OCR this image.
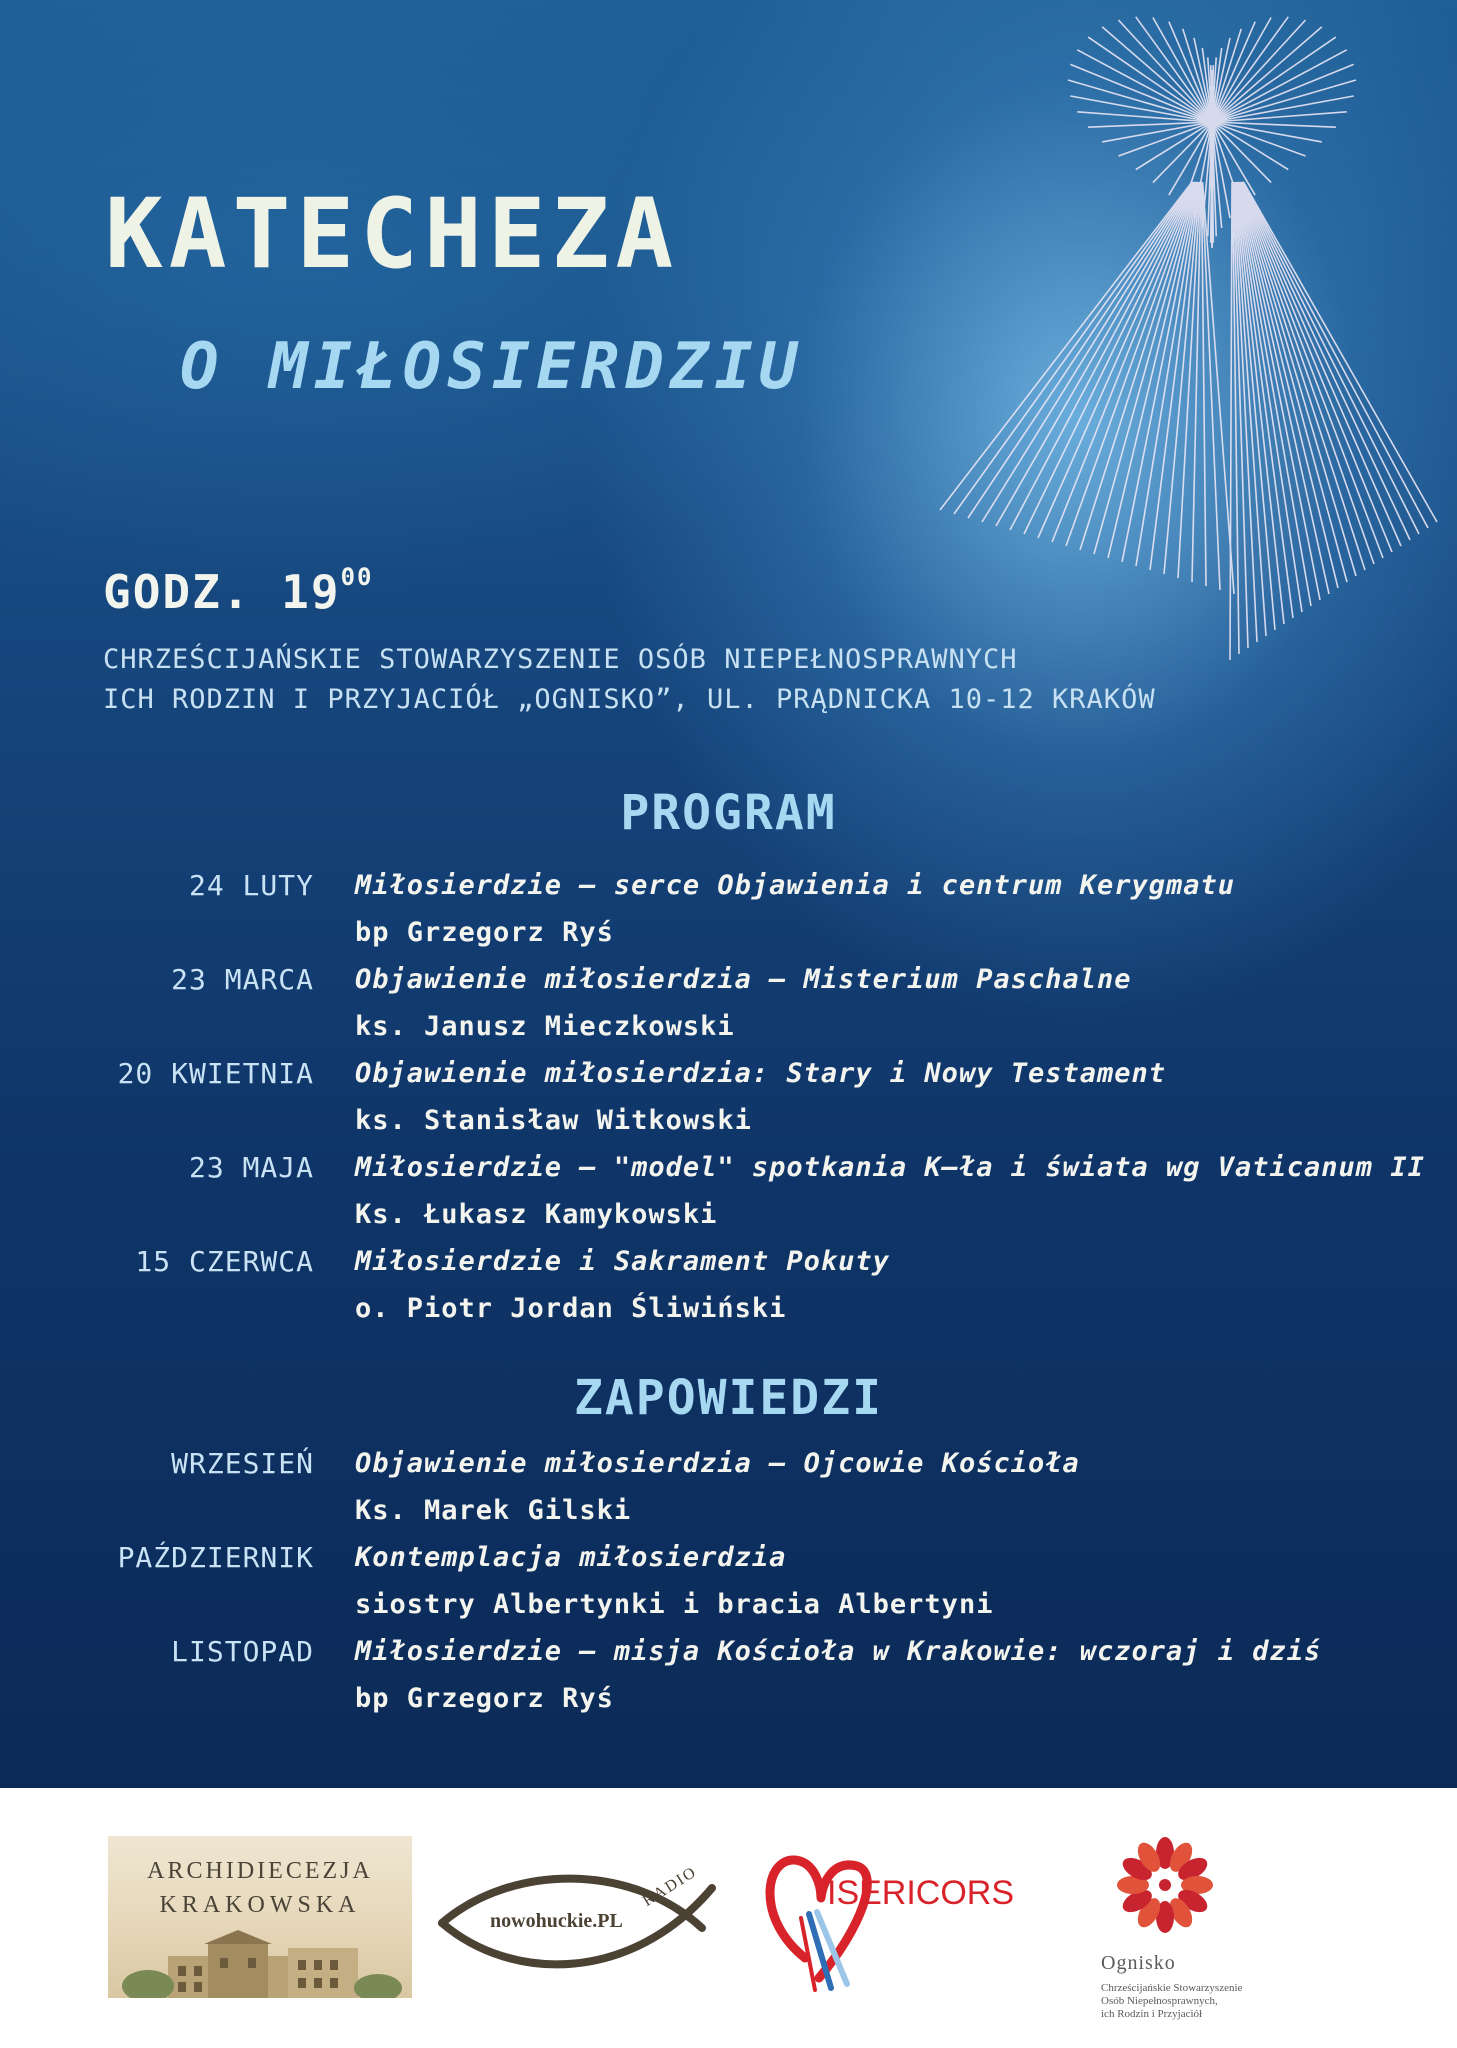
KATECHEZA
O MIŁOSIERDZIU
GODZ. $19^{00}$
CHRZEŚCIJAŃSKIE STOWARZYSZENIE OSÓB NIEPEŁNOSPRAWNYCH
ICH RODZIN I PRZYJACIÓŁ „OGNISKO”, UL. PRĄDNICKA 10-12 KRAKÓW
PROGRAM
24 LUTY Miłosierdzie – serce Objawienia i centrum Kerygmatu
bp Grzegorz Ryś
23 MARCA Objawienie miłosierdzia – Misterium Paschalne
ks. Janusz Mieczkowski
20 KWIETNIA Objawienie miłosierdzia: Stary i Nowy Testament
ks. Stanisław Witkowski
23 MAJA Miłosierdzie – "model" spotkania K–ła i świata wg Vaticanum II
Ks. Łukasz Kamykowski
15 CZERWCA Miłosierdzie i Sakrament Pokuty
o. Piotr Jordan Śliwiński
ZAPOWIEDZI
WRZESIEŃ Objawienie miłosierdzia – Ojcowie Kościoła
Ks. Marek Gilski
PAŹDZIERNIK Kontemplacja miłosierdzia
siostry Albertynki i bracia Albertyni
LISTOPAD Miłosierdzie – misja Kościoła w Krakowie: wczoraj i dziś
bp Grzegorz Ryś
ARCHIDIECEZJA
KRAKOWSKA
nowohuckie.PL
RADIO	ISERICORS
Ognisko
Chrześcijańskie Stowarzyszenie
Osób Niepełnosprawnych,
ich Rodzin i Przyjaciół
